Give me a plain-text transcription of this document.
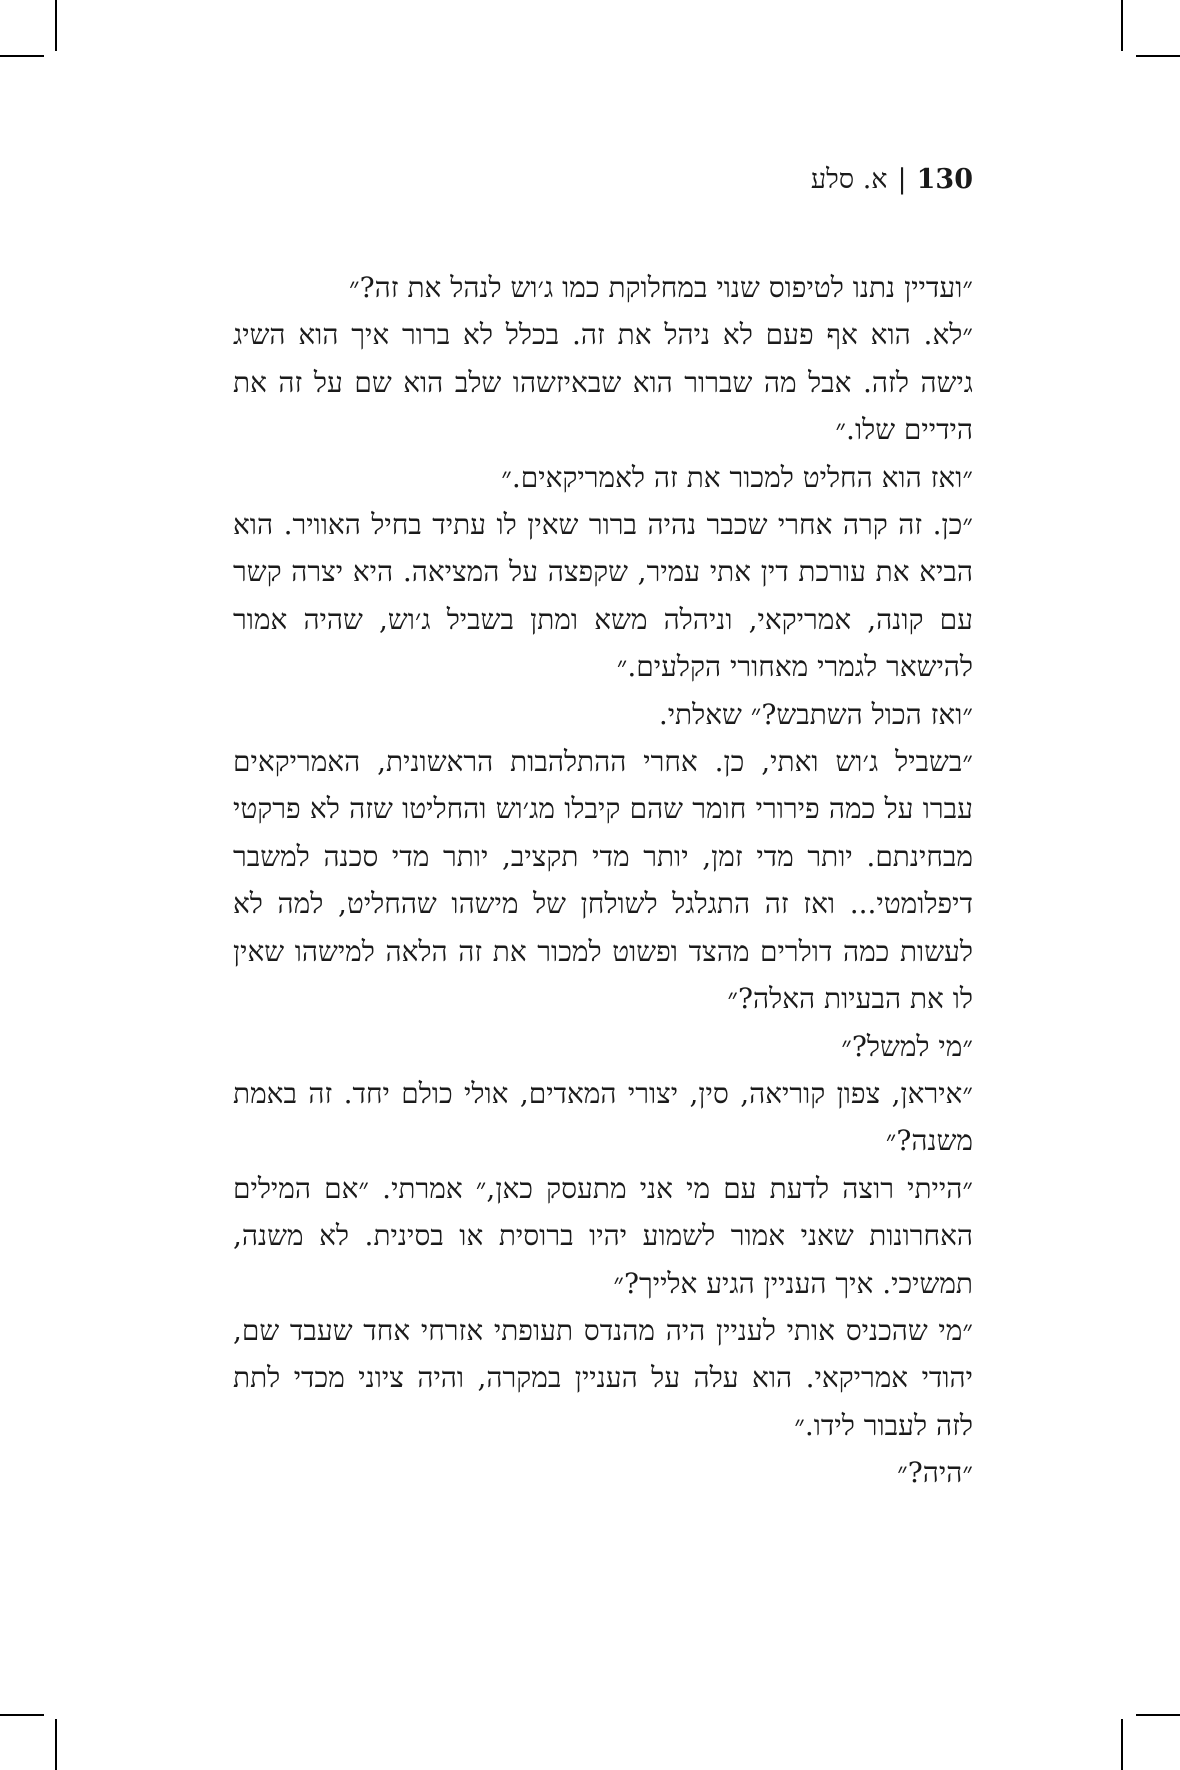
130|א. סלע

״ועדיין נתנו לטיפוס שנוי במחלוקת כמו ג׳וש לנהל את זה?״

״לא. הוא אף פעם לא ניהל את זה. בכלל לא ברור איך הוא השיג גישה לזה. אבל מה שברור הוא שבאיזשהו שלב הוא שם על זה את הידיים שלו.״

״ואז הוא החליט למכור את זה לאמריקאים.״

״כן. זה קרה אחרי שכבר נהיה ברור שאין לו עתיד בחיל האוויר. הוא הביא את עורכת דין אתי עמיר, שקפצה על המציאה. היא יצרה קשר עם קונה, אמריקאי, וניהלה משא ומתן בשביל ג׳וש, שהיה אמור להישאר לגמרי מאחורי הקלעים.״

״ואז הכול השתבש?״ שאלתי.

״בשביל ג׳וש ואתי, כן. אחרי ההתלהבות הראשונית, האמריקאים עברו על כמה פירורי חומר שהם קיבלו מג׳וש והחליטו שזה לא פרקטי מבחינתם. יותר מדי זמן, יותר מדי תקציב, יותר מדי סכנה למשבר דיפלומטי... ואז זה התגלגל לשולחן של מישהו שהחליט, למה לא לעשות כמה דולרים מהצד ופשוט למכור את זה הלאה למישהו שאין לו את הבעיות האלה?״

״מי למשל?״

״איראן, צפון קוריאה, סין, יצורי המאדים, אולי כולם יחד. זה באמת משנה?״

״הייתי רוצה לדעת עם מי אני מתעסק כאן,״ אמרתי. ״אם המילים האחרונות שאני אמור לשמוע יהיו ברוסית או בסינית. לא משנה, תמשיכי. איך העניין הגיע אלייך?״

״מי שהכניס אותי לעניין היה מהנדס תעופתי אזרחי אחד שעבד שם, יהודי אמריקאי. הוא עלה על העניין במקרה, והיה ציוני מכדי לתת לזה לעבור לידו.״

״היה?״
